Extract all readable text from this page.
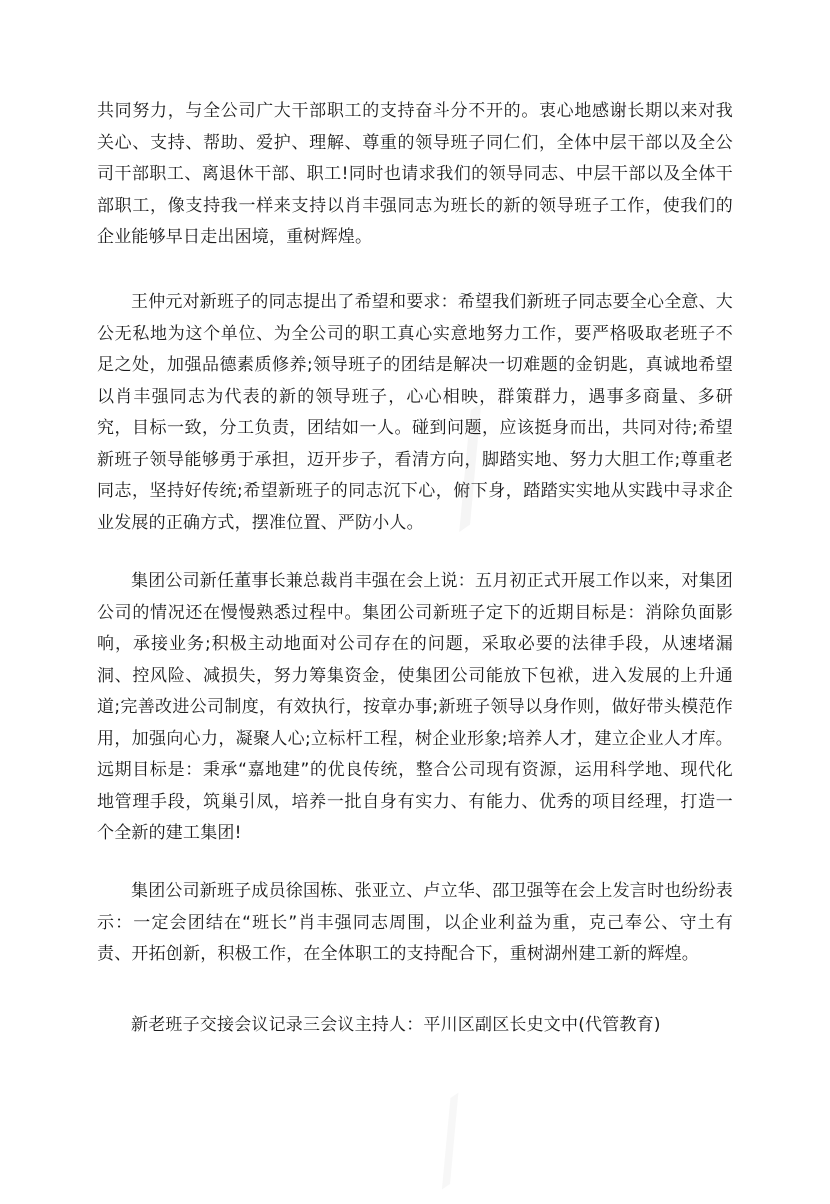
⟋
⟋

共同努力，与全公司广大干部职工的支持奋斗分不开的。衷心地感谢长期以来对我关心、支持、帮助、爱护、理解、尊重的领导班子同仁们，全体中层干部以及全公司干部职工、离退休干部、职工!同时也请求我们的领导同志、中层干部以及全体干部职工，像支持我一样来支持以肖丰强同志为班长的新的领导班子工作，使我们的企业能够早日走出困境，重树辉煌。

王仲元对新班子的同志提出了希望和要求：希望我们新班子同志要全心全意、大公无私地为这个单位、为全公司的职工真心实意地努力工作，要严格吸取老班子不足之处，加强品德素质修养;领导班子的团结是解决一切难题的金钥匙，真诚地希望以肖丰强同志为代表的新的领导班子，心心相映，群策群力，遇事多商量、多研究，目标一致，分工负责，团结如一人。碰到问题，应该挺身而出，共同对待;希望新班子领导能够勇于承担，迈开步子，看清方向，脚踏实地、努力大胆工作;尊重老同志，坚持好传统;希望新班子的同志沉下心，俯下身，踏踏实实地从实践中寻求企业发展的正确方式，摆准位置、严防小人。

集团公司新任董事长兼总裁肖丰强在会上说：五月初正式开展工作以来，对集团公司的情况还在慢慢熟悉过程中。集团公司新班子定下的近期目标是：消除负面影响，承接业务;积极主动地面对公司存在的问题，采取必要的法律手段，从速堵漏洞、控风险、减损失，努力筹集资金，使集团公司能放下包袱，进入发展的上升通道;完善改进公司制度，有效执行，按章办事;新班子领导以身作则，做好带头模范作用，加强向心力，凝聚人心;立标杆工程，树企业形象;培养人才，建立企业人才库。远期目标是：秉承“嘉地建”的优良传统，整合公司现有资源，运用科学地、现代化地管理手段，筑巢引凤，培养一批自身有实力、有能力、优秀的项目经理，打造一个全新的建工集团!

集团公司新班子成员徐国栋、张亚立、卢立华、邵卫强等在会上发言时也纷纷表示：一定会团结在“班长”肖丰强同志周围，以企业利益为重，克己奉公、守土有责、开拓创新，积极工作，在全体职工的支持配合下，重树湖州建工新的辉煌。

新老班子交接会议记录三会议主持人：平川区副区长史文中(代管教育)
